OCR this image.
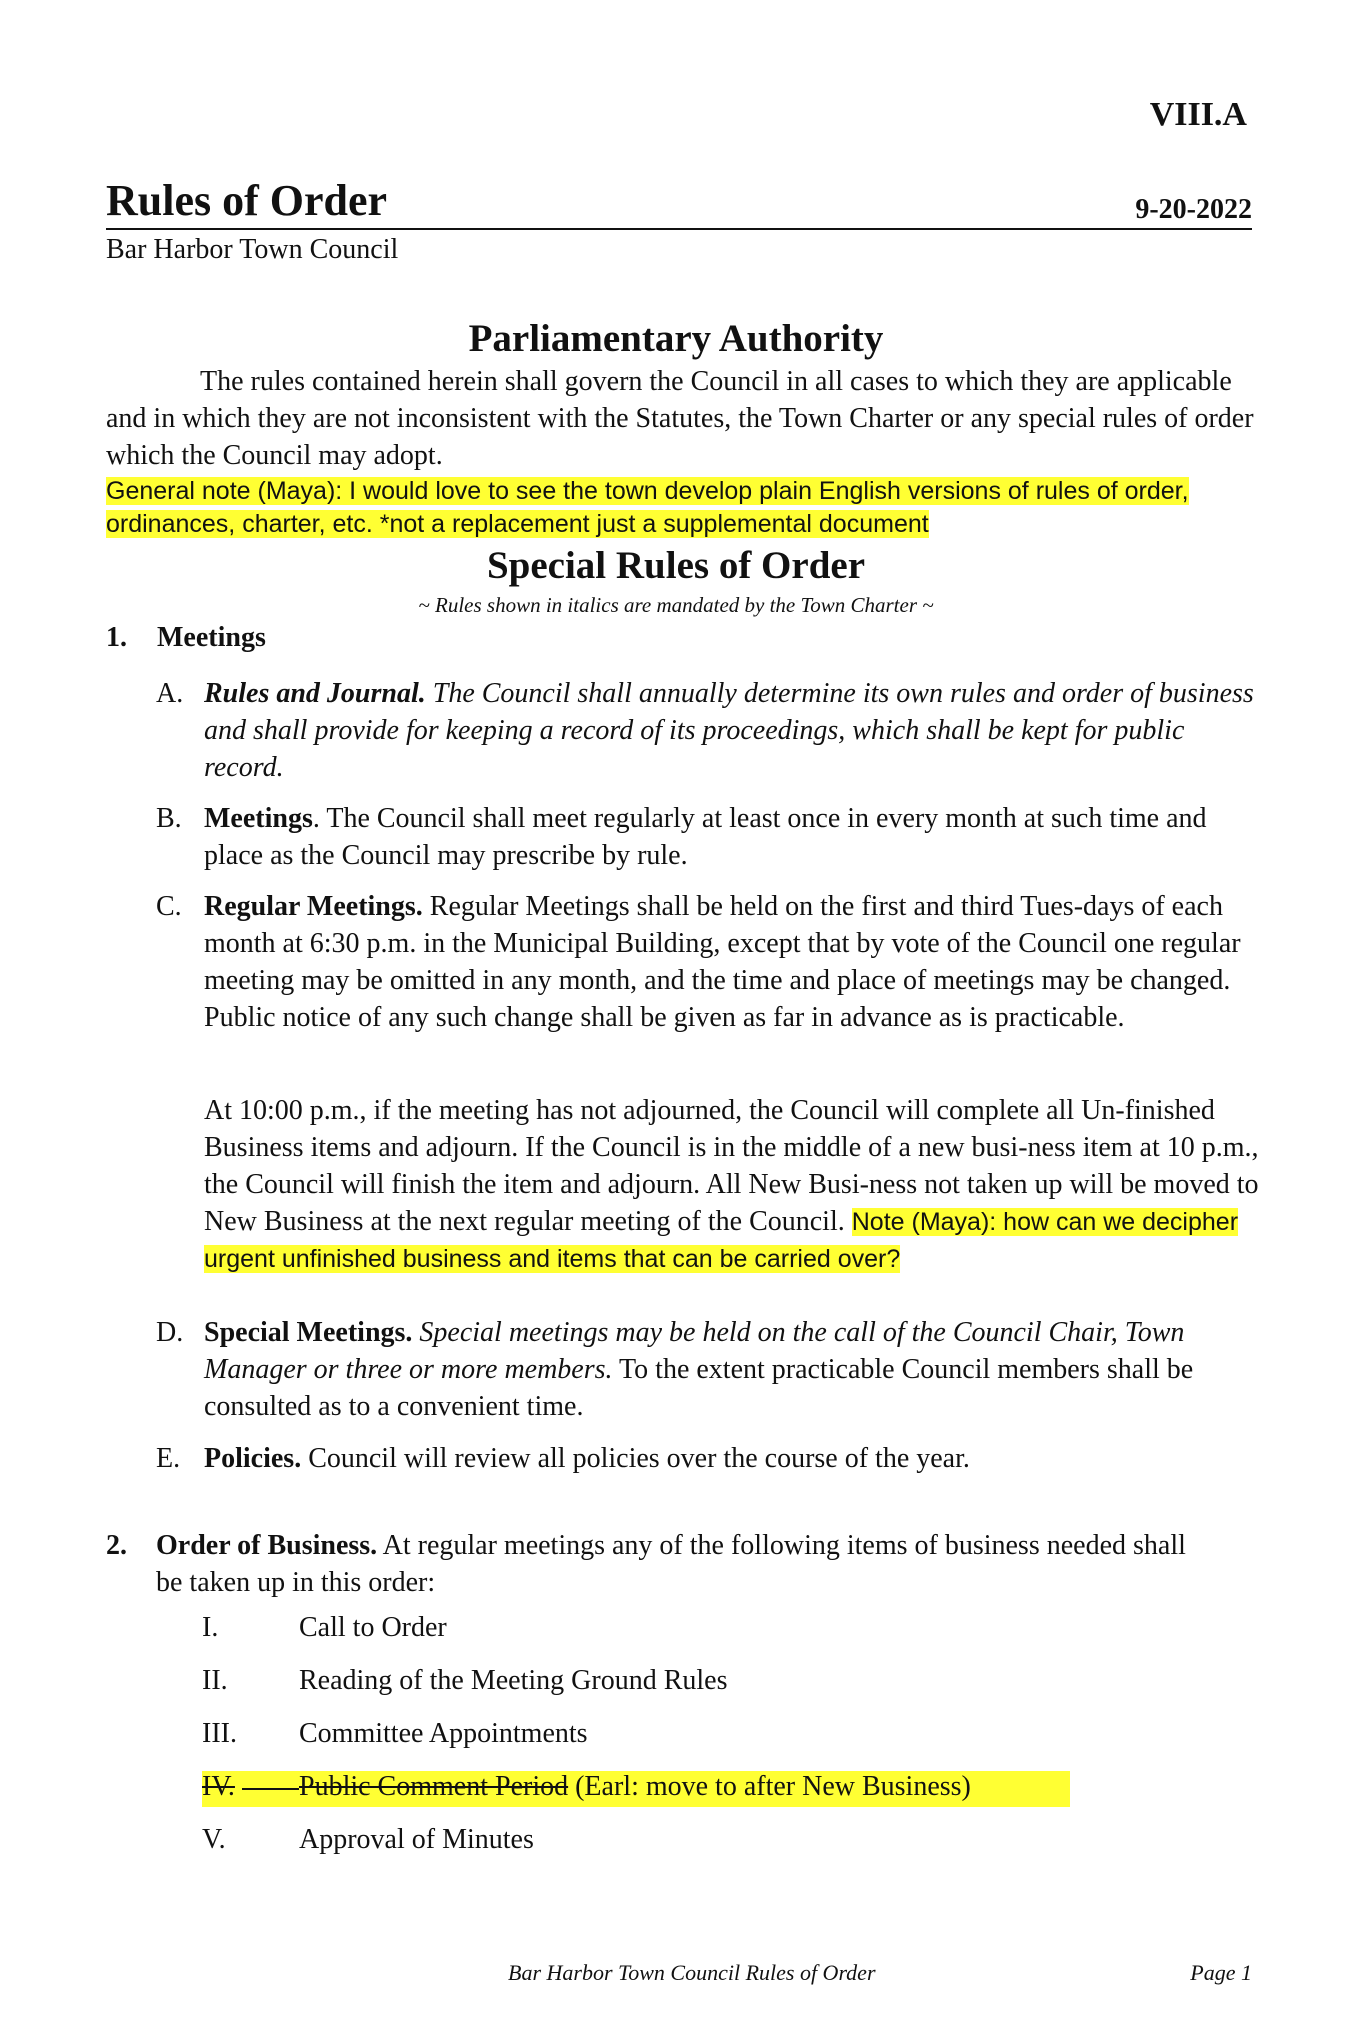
VIII.A
Rules of Order	9-20-2022
Bar Harbor Town Council
Parliamentary Authority
The rules contained herein shall govern the Council in all cases to which they are applicable and in which they are not inconsistent with the Statutes, the Town Charter or any special rules of order which the Council may adopt.
General note (Maya): I would love to see the town develop plain English versions of rules of order, ordinances, charter, etc. *not a replacement just a supplemental document
Special Rules of Order
~ Rules shown in italics are mandated by the Town Charter ~
1. Meetings
A. Rules and Journal. The Council shall annually determine its own rules and order of business and shall provide for keeping a record of its proceedings, which shall be kept for public record.
B. Meetings. The Council shall meet regularly at least once in every month at such time and place as the Council may prescribe by rule.
C. Regular Meetings. Regular Meetings shall be held on the first and third Tues-days of each month at 6:30 p.m. in the Municipal Building, except that by vote of the Council one regular meeting may be omitted in any month, and the time and place of meetings may be changed. Public notice of any such change shall be given as far in advance as is practicable.
At 10:00 p.m., if the meeting has not adjourned, the Council will complete all Un-finished Business items and adjourn. If the Council is in the middle of a new busi-ness item at 10 p.m., the Council will finish the item and adjourn. All New Busi-ness not taken up will be moved to New Business at the next regular meeting of the Council. Note (Maya): how can we decipher urgent unfinished business and items that can be carried over?
D. Special Meetings. Special meetings may be held on the call of the Council Chair, Town Manager or three or more members. To the extent practicable Council members shall be consulted as to a convenient time.
E. Policies. Council will review all policies over the course of the year.
2. Order of Business. At regular meetings any of the following items of business needed shall be taken up in this order:
I.	Call to Order
II.	Reading of the Meeting Ground Rules
III. Committee Appointments
IV.	Public Comment Period (Earl: move to after New Business)
V.	Approval of Minutes
Bar Harbor Town Council Rules of Order	Page 1
